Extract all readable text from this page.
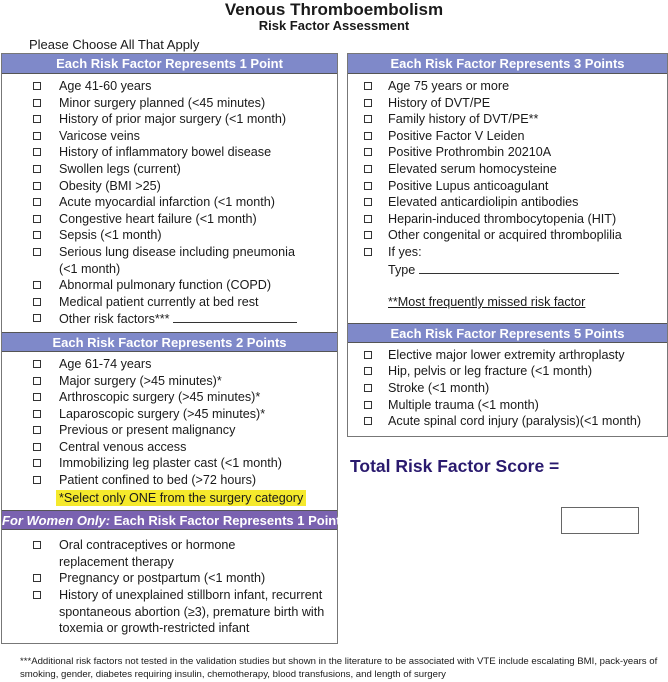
Venous Thromboembolism
Risk Factor Assessment
Please Choose All That Apply
Each Risk Factor Represents 1 Point
Age 41-60 years
Minor surgery planned (<45 minutes)
History of prior major surgery (<1 month)
Varicose veins
History of inflammatory bowel disease
Swollen legs (current)
Obesity (BMI >25)
Acute myocardial infarction (<1 month)
Congestive heart failure (<1 month)
Sepsis (<1 month)
Serious lung disease including pneumonia (<1 month)
Abnormal pulmonary function (COPD)
Medical patient currently at bed rest
Other risk factors***
Each Risk Factor Represents 2 Points
Age 61-74 years
Major surgery (>45 minutes)*
Arthroscopic surgery (>45 minutes)*
Laparoscopic surgery (>45 minutes)*
Previous or present malignancy
Central venous access
Immobilizing leg plaster cast (<1 month)
Patient confined to bed (>72 hours)
*Select only ONE from the surgery category
For Women Only: Each Risk Factor Represents 1 Point
Oral contraceptives or hormone replacement therapy
Pregnancy or postpartum (<1 month)
History of unexplained stillborn infant, recurrent spontaneous abortion (≥3), premature birth with toxemia or growth-restricted infant
Each Risk Factor Represents 3 Points
Age 75 years or more
History of DVT/PE
Family history of DVT/PE**
Positive Factor V Leiden
Positive Prothrombin 20210A
Elevated serum homocysteine
Positive Lupus anticoagulant
Elevated anticardiolipin antibodies
Heparin-induced thrombocytopenia (HIT)
Other congenital or acquired thromboplilia
If yes:
Type
**Most frequently missed risk factor
Each Risk Factor Represents 5 Points
Elective major lower extremity arthroplasty
Hip, pelvis or leg fracture (<1 month)
Stroke (<1 month)
Multiple trauma (<1 month)
Acute spinal cord injury (paralysis)(<1 month)
Total Risk Factor Score =
***Additional risk factors not tested in the validation studies but shown in the literature to be associated with VTE include escalating BMI, pack-years of smoking, gender, diabetes requiring insulin, chemotherapy, blood transfusions, and length of surgery
